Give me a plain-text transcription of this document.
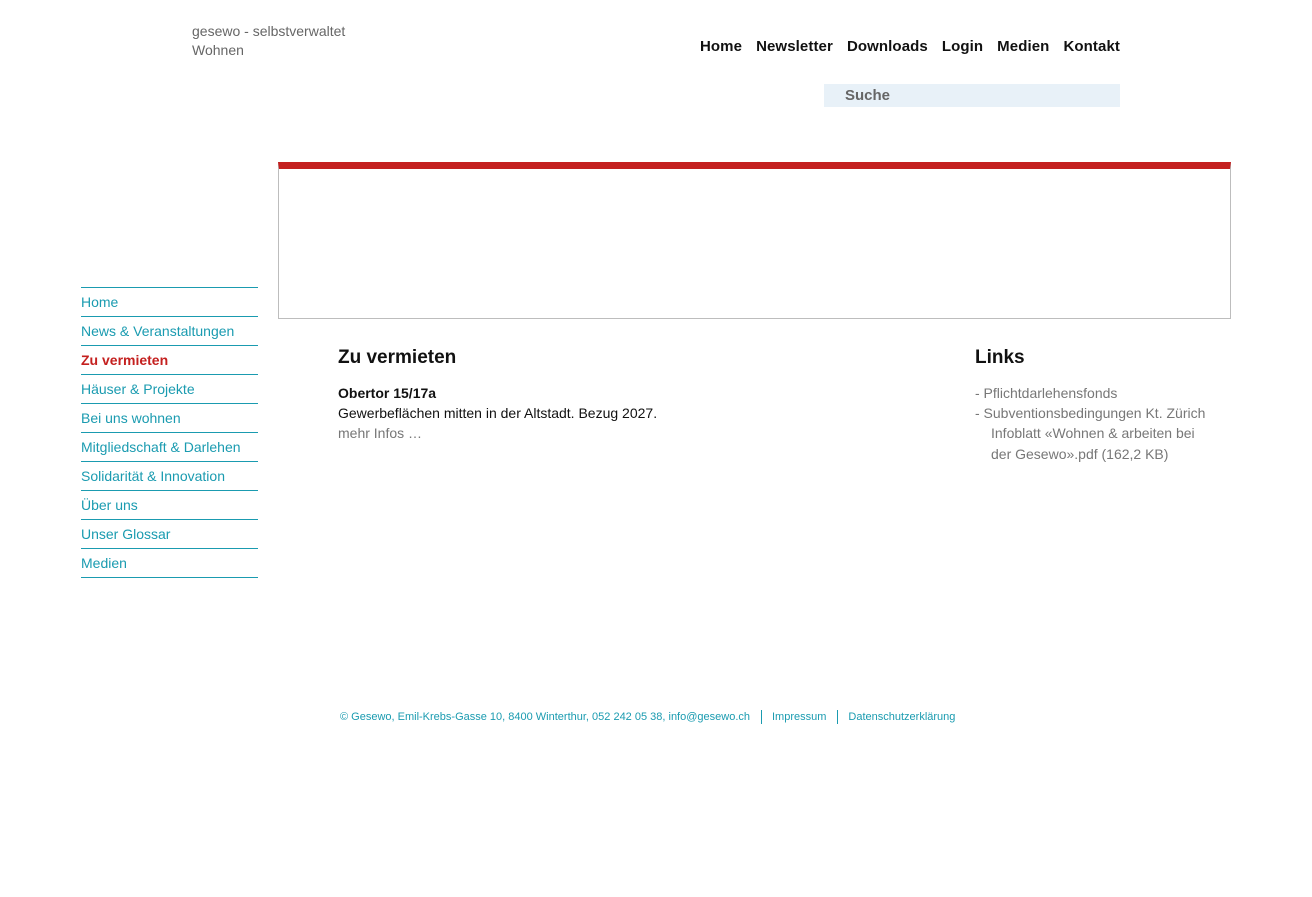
gesewo - selbstverwaltet
Wohnen	Home Newsletter Downloads Login Medien Kontakt
Suche
Home
News & Veranstaltungen
Zu vermieten
Häuser & Projekte
Bei uns wohnen
Mitgliedschaft & Darlehen
Solidarität & Innovation
Über uns
Unser Glossar
Medien
Zu vermieten
Obertor 15/17a
Gewerbeflächen mitten in der Altstadt. Bezug 2027.
mehr Infos …
Links
- Pflichtdarlehensfonds
- Subventionsbedingungen Kt. Zürich
Infoblatt «Wohnen & arbeiten bei der Gesewo».pdf (162,2 KB)
© Gesewo, Emil-Krebs-Gasse 10, 8400 Winterthur, 052 242 05 38, info@gesewo.ch Impressum Datenschutzerklärung
